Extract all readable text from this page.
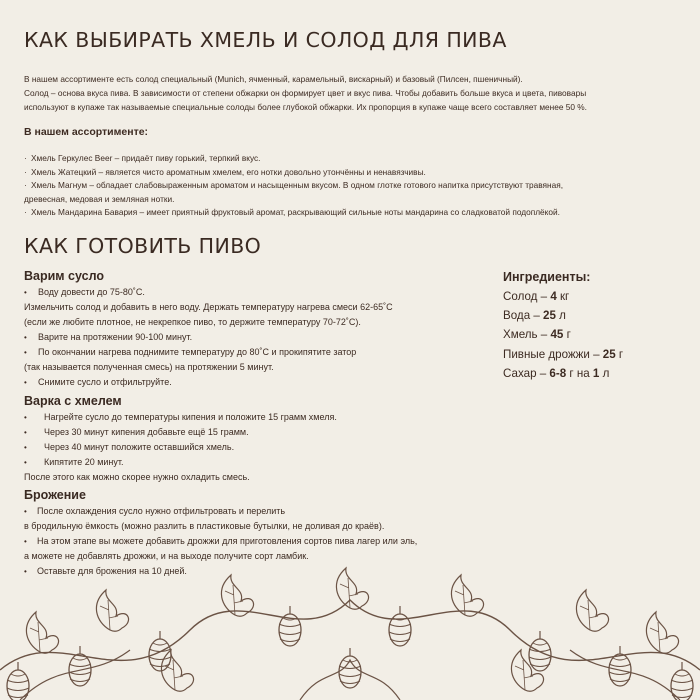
КАК ВЫБИРАТЬ ХМЕЛЬ И СОЛОД ДЛЯ ПИВА
В нашем ассортименте есть солод специальный (Munich, ячменный, карамельный, вискарный) и базовый (Пилсен, пшеничный).
Солод – основа вкуса пива. В зависимости от степени обжарки он формирует цвет и вкус пива. Чтобы добавить больше вкуса и цвета, пивовары
используют в купаже так называемые специальные солоды более глубокой обжарки. Их пропорция в купаже чаще всего составляет менее 50 %.
В нашем ассортименте:
· Хмель Геркулес Beer – придаёт пиву горький, терпкий вкус.
· Хмель Жатецкий – является чисто ароматным хмелем, его нотки довольно утончённы и ненавязчивы.
· Хмель Магнум – обладает слабовыраженным ароматом и насыщенным вкусом. В одном глотке готового напитка присутствуют травяная,
· древесная, медовая и земляная нотки.
· Хмель Мандарина Бавария – имеет приятный фруктовый аромат, раскрывающий сильные ноты мандарина со сладковатой подоплёкой.
КАК ГОТОВИТЬ ПИВО
Варим сусло
• Воду довести до 75-80˚С.
Измельчить солод и добавить в него воду. Держать температуру нагрева смеси 62-65˚С
(если же любите плотное, не некрепкое пиво, то держите температуру 70-72˚С).
• Варите на протяжении 90-100 минут.
• По окончании нагрева поднимите температуру до 80˚С и прокипятите затор
(так называется полученная смесь) на протяжении 5 минут.
• Снимите сусло и отфильтруйте.
Варка с хмелем
• Нагрейте сусло до температуры кипения и положите 15 грамм хмеля.
• Через 30 минут кипения добавьте ещё 15 грамм.
• Через 40 минут положите оставшийся хмель.
• Кипятите 20 минут.
После этого как можно скорее нужно охладить смесь.
Брожение
• После охлаждения сусло нужно отфильтровать и перелить
в бродильную ёмкость (можно разлить в пластиковые бутылки, не доливая до краёв).
• На этом этапе вы можете добавить дрожжи для приготовления сортов пива лагер или эль,
а можете не добавлять дрожжи, и на выходе получите сорт ламбик.
• Оставьте для брожения на 10 дней.
Ингредиенты:
Солод – 4 кг
Вода – 25 л
Хмель – 45 г
Пивные дрожжи – 25 г
Сахар – 6-8 г на 1 л
